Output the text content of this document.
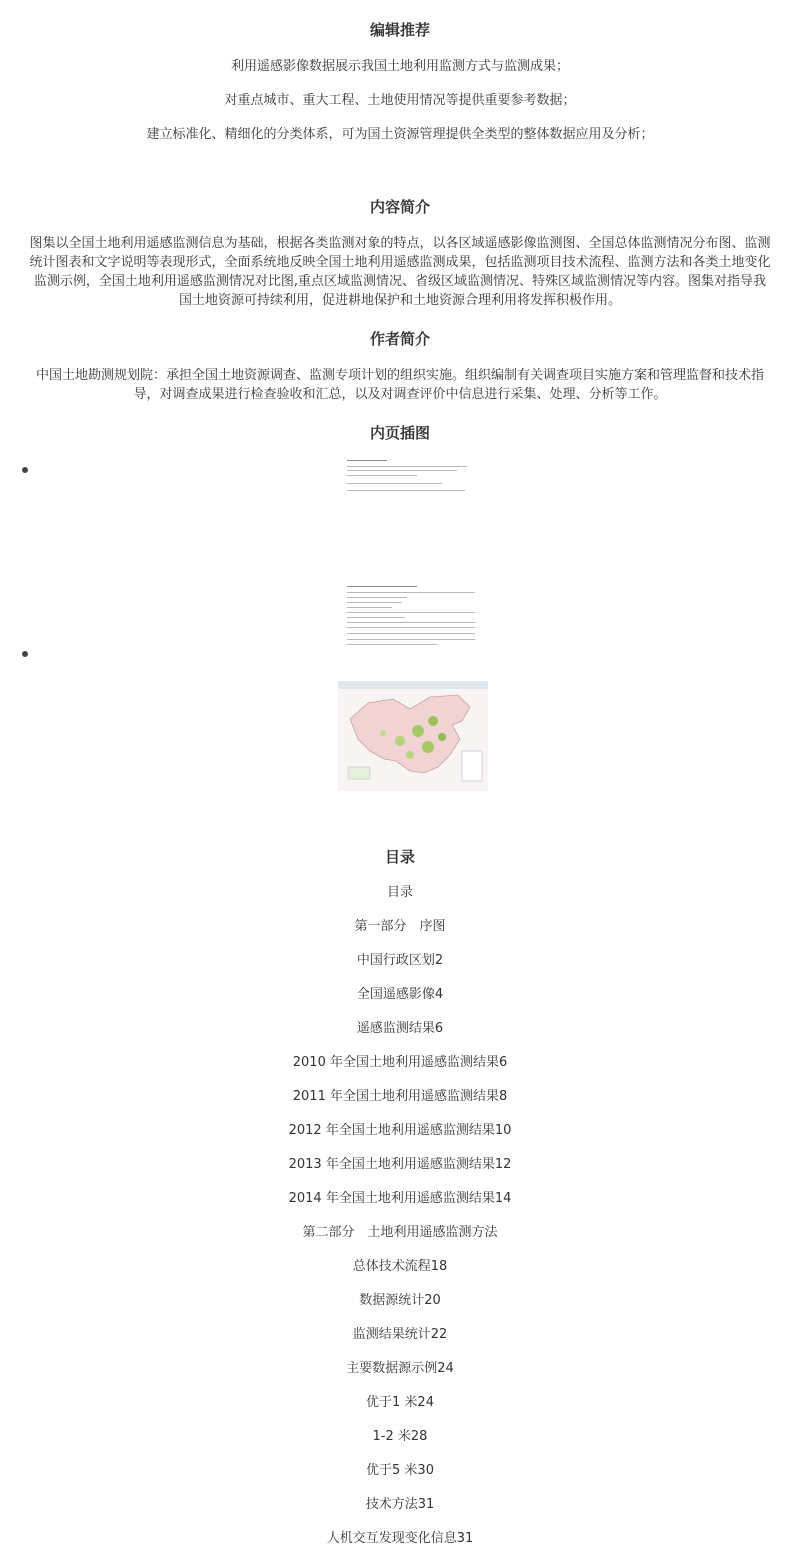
编辑推荐

利用遥感影像数据展示我国土地利用监测方式与监测成果；

对重点城市、重大工程、土地使用情况等提供重要参考数据；

建立标准化、精细化的分类体系，可为国土资源管理提供全类型的整体数据应用及分析；

内容简介

图集以全国土地利用遥感监测信息为基础，根据各类监测对象的特点，以各区域遥感影像监测图、全国总体监测情况分布图、监测

统计图表和文字说明等表现形式，全面系统地反映全国土地利用遥感监测成果，包括监测项目技术流程、监测方法和各类土地变化

监测示例，全国土地利用遥感监测情况对比图,重点区域监测情况、省级区域监测情况、特殊区域监测情况等内容。图集对指导我

国土地资源可持续利用，促进耕地保护和土地资源合理利用将发挥积极作用。

作者简介

中国土地勘测规划院：承担全国土地资源调查、监测专项计划的组织实施。组织编制有关调查项目实施方案和管理监督和技术指

导，对调查成果进行检查验收和汇总，以及对调查评价中信息进行采集、处理、分析等工作。

内页插图
目录
目录
第一部分　序图
中国行政区划2
全国遥感影像4
遥感监测结果6
2010 年全国土地利用遥感监测结果6
2011 年全国土地利用遥感监测结果8
2012 年全国土地利用遥感监测结果10
2013 年全国土地利用遥感监测结果12
2014 年全国土地利用遥感监测结果14
第二部分　土地利用遥感监测方法
总体技术流程18
数据源统计20
监测结果统计22
主要数据源示例24
优于1 米24
1-2 米28
优于5 米30
技术方法31
人机交互发现变化信息31
